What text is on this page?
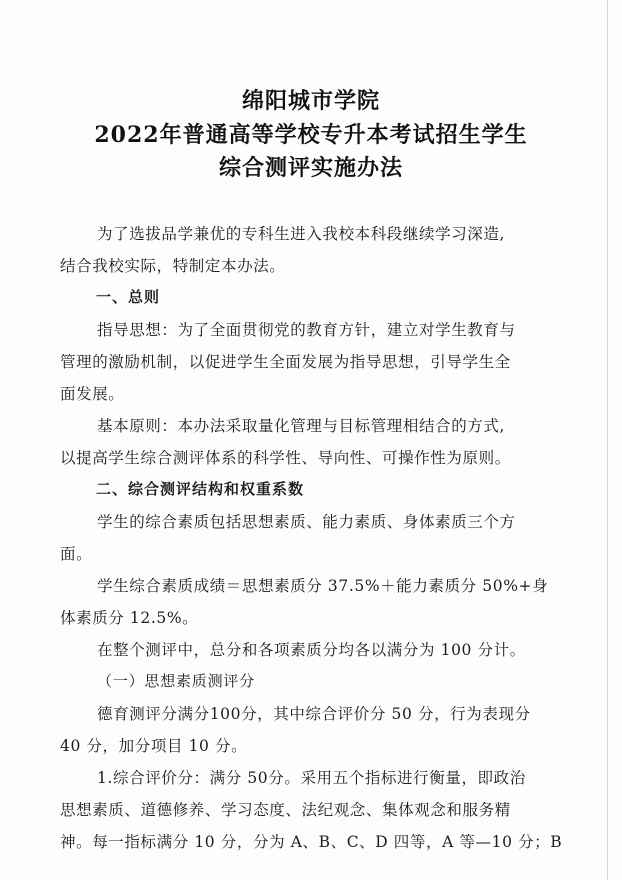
绵阳城市学院
2022年普通高等学校专升本考试招生学生
综合测评实施办法
为了选拔品学兼优的专科生进入我校本科段继续学习深造,
结合我校实际，特制定本办法。
一、总则
指导思想：为了全面贯彻党的教育方针，建立对学生教育与
管理的激励机制，以促进学生全面发展为指导思想，引导学生全
面发展。
基本原则：本办法采取量化管理与目标管理相结合的方式,
以提高学生综合测评体系的科学性、导向性、可操作性为原则。
二、综合测评结构和权重系数
学生的综合素质包括思想素质、能力素质、身体素质三个方
面。
学生综合素质成绩＝思想素质分 37.5%＋能力素质分 50%+身
体素质分 12.5%。
在整个测评中，总分和各项素质分均各以满分为 100 分计。
（一）思想素质测评分
德育测评分满分100分，其中综合评价分 50 分，行为表现分
40 分，加分项目 10 分。
1.综合评价分：满分 50分。采用五个指标进行衡量，即政治
思想素质、道德修养、学习态度、法纪观念、集体观念和服务精
神。每一指标满分 10 分，分为 A、B、C、D 四等，A 等—10 分；B
